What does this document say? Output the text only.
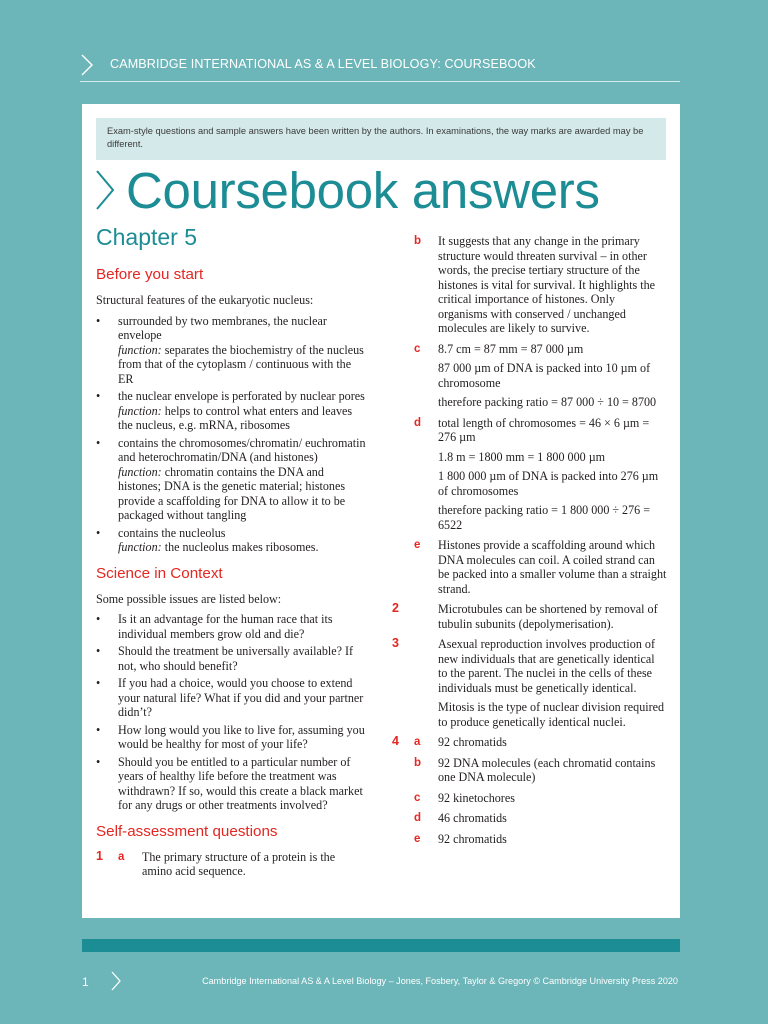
CAMBRIDGE INTERNATIONAL AS & A LEVEL BIOLOGY: COURSEBOOK
Exam-style questions and sample answers have been written by the authors. In examinations, the way marks are awarded may be different.
Coursebook answers
Chapter 5
Before you start

Structural features of the eukaryotic nucleus:

• surrounded by two membranes, the nuclear envelope
function: separates the biochemistry of the nucleus from that of the cytoplasm / continuous with the ER
• the nuclear envelope is perforated by nuclear pores
function: helps to control what enters and leaves the nucleus, e.g. mRNA, ribosomes
• contains the chromosomes/chromatin/ euchromatin and heterochromatin/DNA (and histones)
function: chromatin contains the DNA and histones; DNA is the genetic material; histones provide a scaffolding for DNA to allow it to be packaged without tangling
• contains the nucleolus
function: the nucleolus makes ribosomes.
Science in Context

Some possible issues are listed below:

• Is it an advantage for the human race that its individual members grow old and die?
• Should the treatment be universally available? If not, who should benefit?
• If you had a choice, would you choose to extend your natural life? What if you did and your partner didn’t?
• How long would you like to live for, assuming you would be healthy for most of your life?
• Should you be entitled to a particular number of years of healthy life before the treatment was withdrawn? If so, would this create a black market for any drugs or other treatments involved?
Self-assessment questions
1 a The primary structure of a protein is the amino acid sequence.
b It suggests that any change in the primary structure would threaten survival – in other words, the precise tertiary structure of the histones is vital for survival. It highlights the critical importance of histones. Only organisms with conserved / unchanged molecules are likely to survive.
c 8.7 cm = 87 mm = 87 000 µm
87 000 µm of DNA is packed into 10 µm of chromosome
therefore packing ratio = 87 000 ÷ 10 = 8700
d total length of chromosomes = 46 × 6 µm = 276 µm
1.8 m = 1800 mm = 1 800 000 µm
1 800 000 µm of DNA is packed into 276 µm of chromosomes
therefore packing ratio = 1 800 000 ÷ 276 = 6522
e Histones provide a scaffolding around which DNA molecules can coil. A coiled strand can be packed into a smaller volume than a straight strand.
2	Microtubules can be shortened by removal of tubulin subunits (depolymerisation).
3	Asexual reproduction involves production of new individuals that are genetically identical to the parent. The nuclei in the cells of these individuals must be genetically identical.
Mitosis is the type of nuclear division required to produce genetically identical nuclei.
4 a 92 chromatids
b 92 DNA molecules (each chromatid contains one DNA molecule)
c 92 kinetochores
d 46 chromatids
e 92 chromatids
1	Cambridge International AS & A Level Biology – Jones, Fosbery, Taylor & Gregory © Cambridge University Press 2020
